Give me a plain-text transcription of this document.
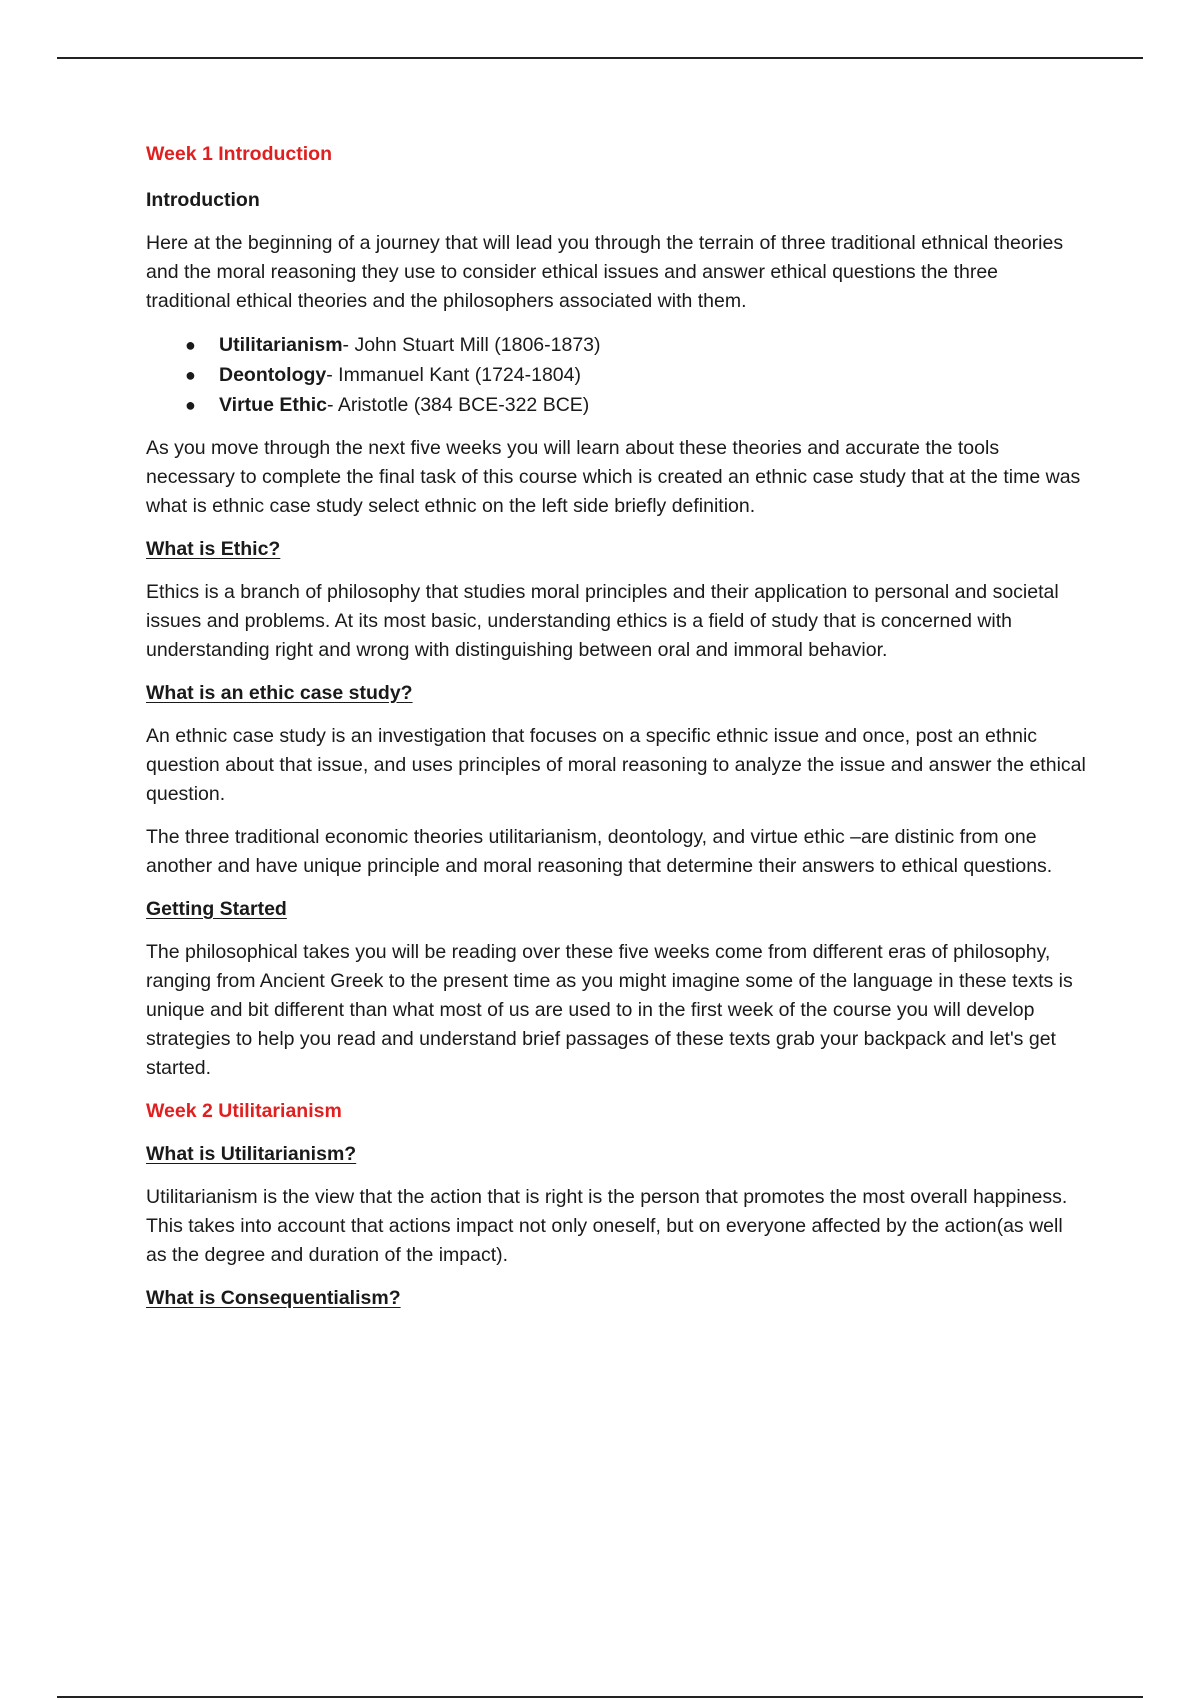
Week 1 Introduction
Introduction

Here at the beginning of a journey that will lead you through the terrain of three traditional ethnical theories and the moral reasoning they use to consider ethical issues and answer ethical questions the three traditional ethical theories and the philosophers associated with them.

● Utilitarianism- John Stuart Mill (1806-1873)
● Deontology- Immanuel Kant (1724-1804)
● Virtue Ethic- Aristotle (384 BCE-322 BCE)

As you move through the next five weeks you will learn about these theories and accurate the tools necessary to complete the final task of this course which is created an ethnic case study that at the time was what is ethnic case study select ethnic on the left side briefly definition.

What is Ethic?

Ethics is a branch of philosophy that studies moral principles and their application to personal and societal issues and problems. At its most basic, understanding ethics is a field of study that is concerned with understanding right and wrong with distinguishing between oral and immoral behavior.

What is an ethic case study?

An ethnic case study is an investigation that focuses on a specific ethnic issue and once, post an ethnic question about that issue, and uses principles of moral reasoning to analyze the issue and answer the ethical question.

The three traditional economic theories utilitarianism, deontology, and virtue ethic –are distinic from one another and have unique principle and moral reasoning that determine their answers to ethical questions.

Getting Started

The philosophical takes you will be reading over these five weeks come from different eras of philosophy, ranging from Ancient Greek to the present time as you might imagine some of the language in these texts is unique and bit different than what most of us are used to in the first week of the course you will develop strategies to help you read and understand brief passages of these texts grab your backpack and let's get started.

Week 2 Utilitarianism
What is Utilitarianism?

Utilitarianism is the view that the action that is right is the person that promotes the most overall happiness. This takes into account that actions impact not only oneself, but on everyone affected by the action(as well as the degree and duration of the impact).

What is Consequentialism?
